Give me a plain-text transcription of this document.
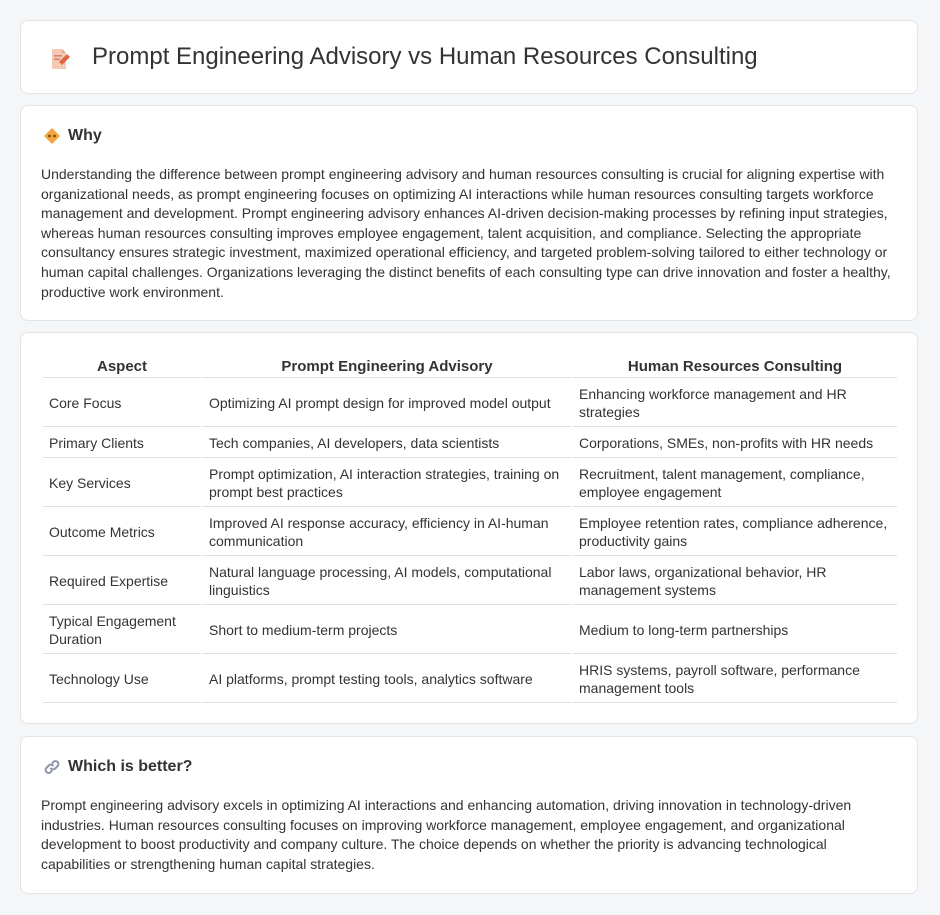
Prompt Engineering Advisory vs Human Resources Consulting
Why

Understanding the difference between prompt engineering advisory and human resources consulting is crucial for aligning expertise with organizational needs, as prompt engineering focuses on optimizing AI interactions while human resources consulting targets workforce management and development. Prompt engineering advisory enhances AI-driven decision-making processes by refining input strategies, whereas human resources consulting improves employee engagement, talent acquisition, and compliance. Selecting the appropriate consultancy ensures strategic investment, maximized operational efficiency, and targeted problem-solving tailored to either technology or human capital challenges. Organizations leveraging the distinct benefits of each consulting type can drive innovation and foster a healthy, productive work environment.

Aspect	Prompt Engineering Advisory	Human Resources Consulting
Core Focus	Optimizing AI prompt design for improved model output	Enhancing workforce management and HR strategies
Primary Clients	Tech companies, AI developers, data scientists	Corporations, SMEs, non-profits with HR needs
Key Services	Prompt optimization, AI interaction strategies, training on prompt best practices	Recruitment, talent management, compliance, employee engagement
Outcome Metrics	Improved AI response accuracy, efficiency in AI-human communication	Employee retention rates, compliance adherence, productivity gains
Required Expertise	Natural language processing, AI models, computational linguistics	Labor laws, organizational behavior, HR management systems
Typical Engagement Duration	Short to medium-term projects	Medium to long-term partnerships
Technology Use	AI platforms, prompt testing tools, analytics software	HRIS systems, payroll software, performance management tools
Which is better?

Prompt engineering advisory excels in optimizing AI interactions and enhancing automation, driving innovation in technology-driven industries. Human resources consulting focuses on improving workforce management, employee engagement, and organizational development to boost productivity and company culture. The choice depends on whether the priority is advancing technological capabilities or strengthening human capital strategies.
